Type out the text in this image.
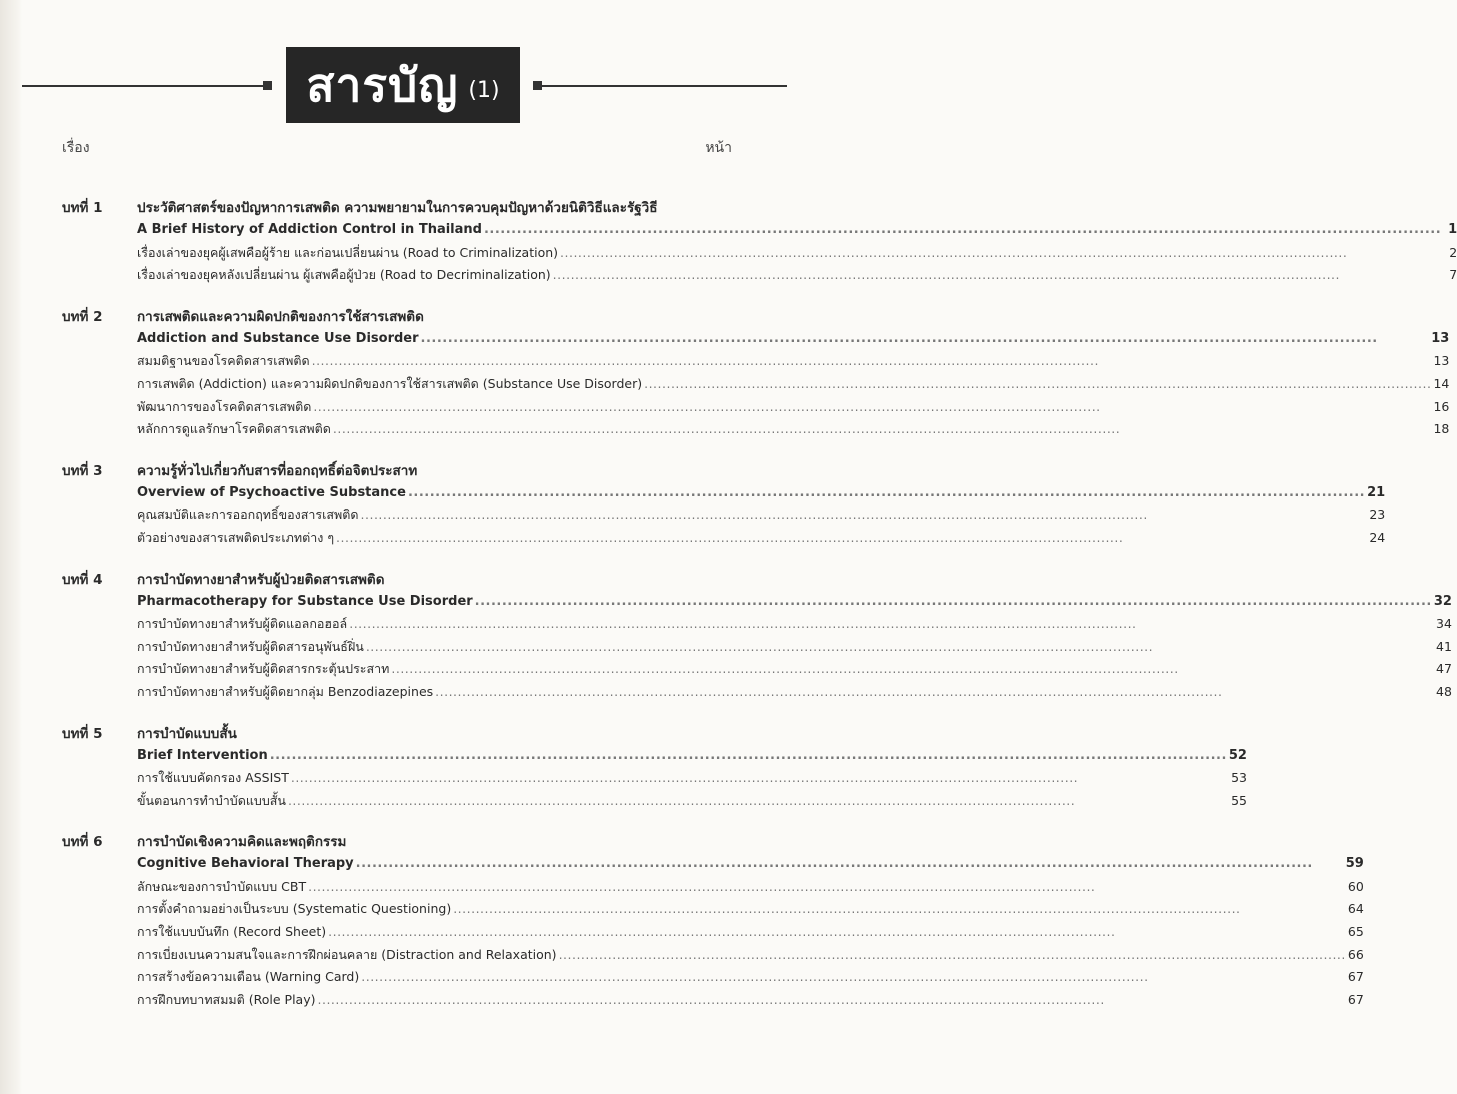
สารบัญ (1)
เรื่อง	หน้า
บทที่ 1	ประวัติศาสตร์ของปัญหาการเสพติด ความพยายามในการควบคุมปัญหาด้วยนิติวิธีและรัฐวิธี
A Brief History of Addiction Control in Thailand .....	1
เรื่องเล่าของยุคผู้เสพคือผู้ร้าย และก่อนเปลี่ยนผ่าน (Road to Criminalization) .....	2
เรื่องเล่าของยุคหลังเปลี่ยนผ่าน ผู้เสพคือผู้ป่วย (Road to Decriminalization) .....	7
บทที่ 2	การเสพติดและความผิดปกติของการใช้สารเสพติด
Addiction and Substance Use Disorder .....	13
สมมติฐานของโรคติดสารเสพติด .....	13
การเสพติด (Addiction) และความผิดปกติของการใช้สารเสพติด (Substance Use Disorder) .....	14
พัฒนาการของโรคติดสารเสพติด .....	16
หลักการดูแลรักษาโรคติดสารเสพติด .....	18
บทที่ 3	ความรู้ทั่วไปเกี่ยวกับสารที่ออกฤทธิ์ต่อจิตประสาท
Overview of Psychoactive Substance .....	21
คุณสมบัติและการออกฤทธิ์ของสารเสพติด .....	23
ตัวอย่างของสารเสพติดประเภทต่าง ๆ .....	24
บทที่ 4	การบำบัดทางยาสำหรับผู้ป่วยติดสารเสพติด
Pharmacotherapy for Substance Use Disorder .....	32
การบำบัดทางยาสำหรับผู้ติดแอลกอฮอล์ .....	34
การบำบัดทางยาสำหรับผู้ติดสารอนุพันธ์ฝิ่น .....	41
การบำบัดทางยาสำหรับผู้ติดสารกระตุ้นประสาท .....	47
การบำบัดทางยาสำหรับผู้ติดยากลุ่ม Benzodiazepines .....	48
บทที่ 5	การบำบัดแบบสั้น
Brief Intervention .....	52
การใช้แบบคัดกรอง ASSIST .....	53
ขั้นตอนการทำบำบัดแบบสั้น .....	55
บทที่ 6	การบำบัดเชิงความคิดและพฤติกรรม
Cognitive Behavioral Therapy .....	59
ลักษณะของการบำบัดแบบ CBT .....	60
การตั้งคำถามอย่างเป็นระบบ (Systematic Questioning) .....	64
การใช้แบบบันทึก (Record Sheet) .....	65
การเบี่ยงเบนความสนใจและการฝึกผ่อนคลาย (Distraction and Relaxation) .....	66
การสร้างข้อความเตือน (Warning Card) .....	67
การฝึกบทบาทสมมติ (Role Play) .....	67
